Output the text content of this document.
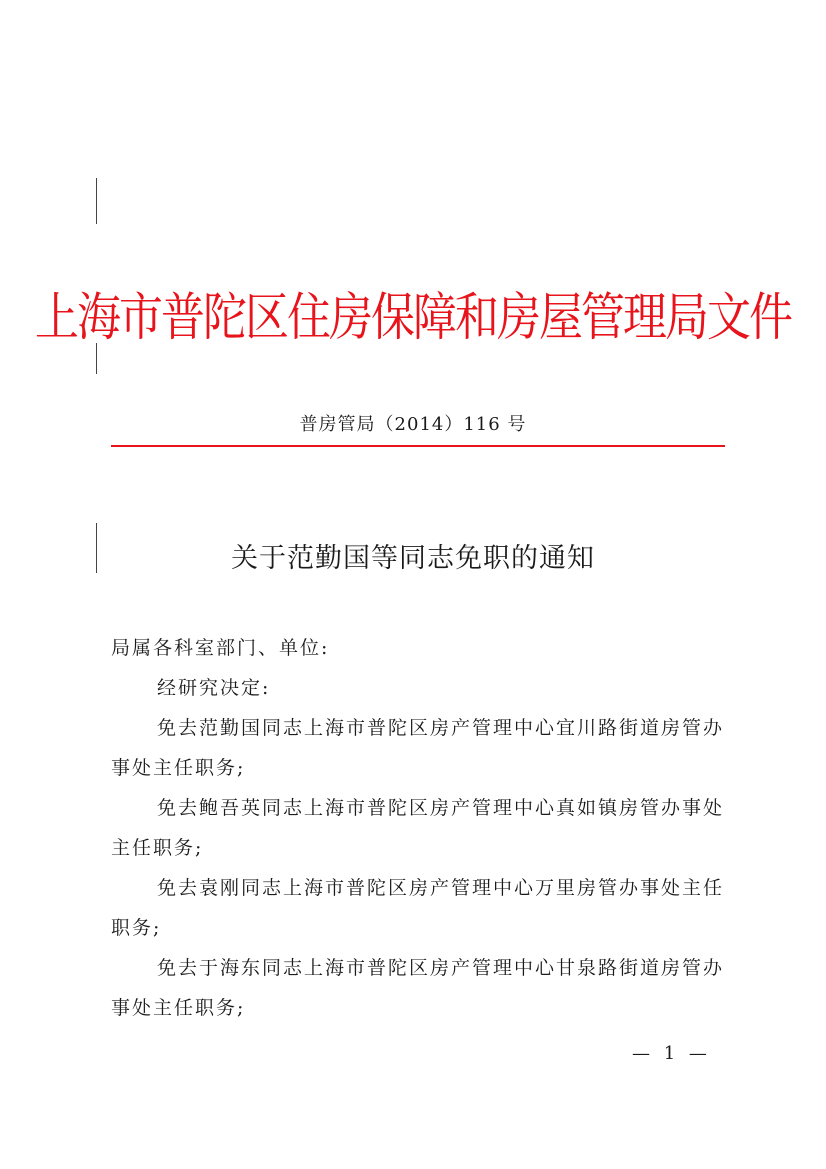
上海市普陀区住房保障和房屋管理局文件
普房管局（2014）116 号
关于范勤国等同志免职的通知

局属各科室部门、单位:

经研究决定:

免去范勤国同志上海市普陀区房产管理中心宜川路街道房管办事处主任职务;

免去鲍吾英同志上海市普陀区房产管理中心真如镇房管办事处主任职务;

免去袁刚同志上海市普陀区房产管理中心万里房管办事处主任职务;

免去于海东同志上海市普陀区房产管理中心甘泉路街道房管办事处主任职务;

— 1 —
